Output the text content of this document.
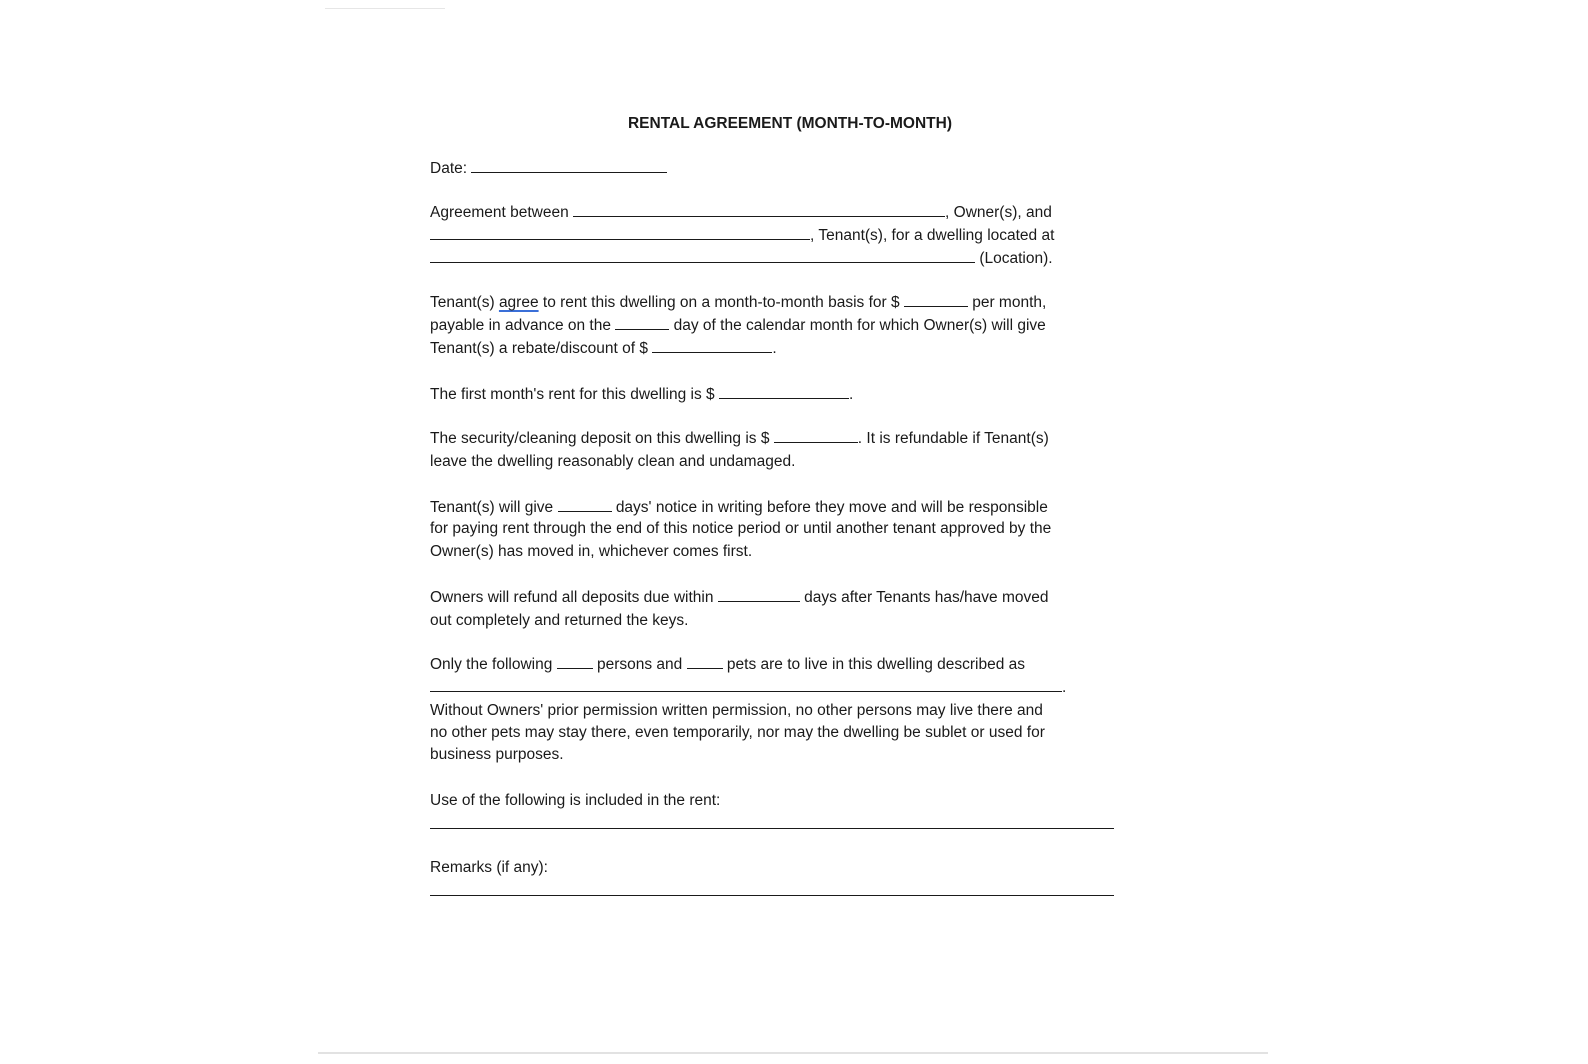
RENTAL AGREEMENT (MONTH-TO-MONTH)
Date:
Agreement between	, Owner(s), and
, Tenant(s), for a dwelling located at
(Location).
Tenant(s) agree to rent this dwelling on a month-to-month basis for $	per month,
payable in advance on the	day of the calendar month for which Owner(s) will give
Tenant(s) a rebate/discount of $	.
The first month's rent for this dwelling is $	.
The security/cleaning deposit on this dwelling is $	. It is refundable if Tenant(s)
leave the dwelling reasonably clean and undamaged.
Tenant(s) will give	days' notice in writing before they move and will be responsible
for paying rent through the end of this notice period or until another tenant approved by the
Owner(s) has moved in, whichever comes first.
Owners will refund all deposits due within	days after Tenants has/have moved
out completely and returned the keys.
Only the following	persons and	pets are to live in this dwelling described as
.
Without Owners' prior permission written permission, no other persons may live there and
no other pets may stay there, even temporarily, nor may the dwelling be sublet or used for
business purposes.
Use of the following is included in the rent:
Remarks (if any):
